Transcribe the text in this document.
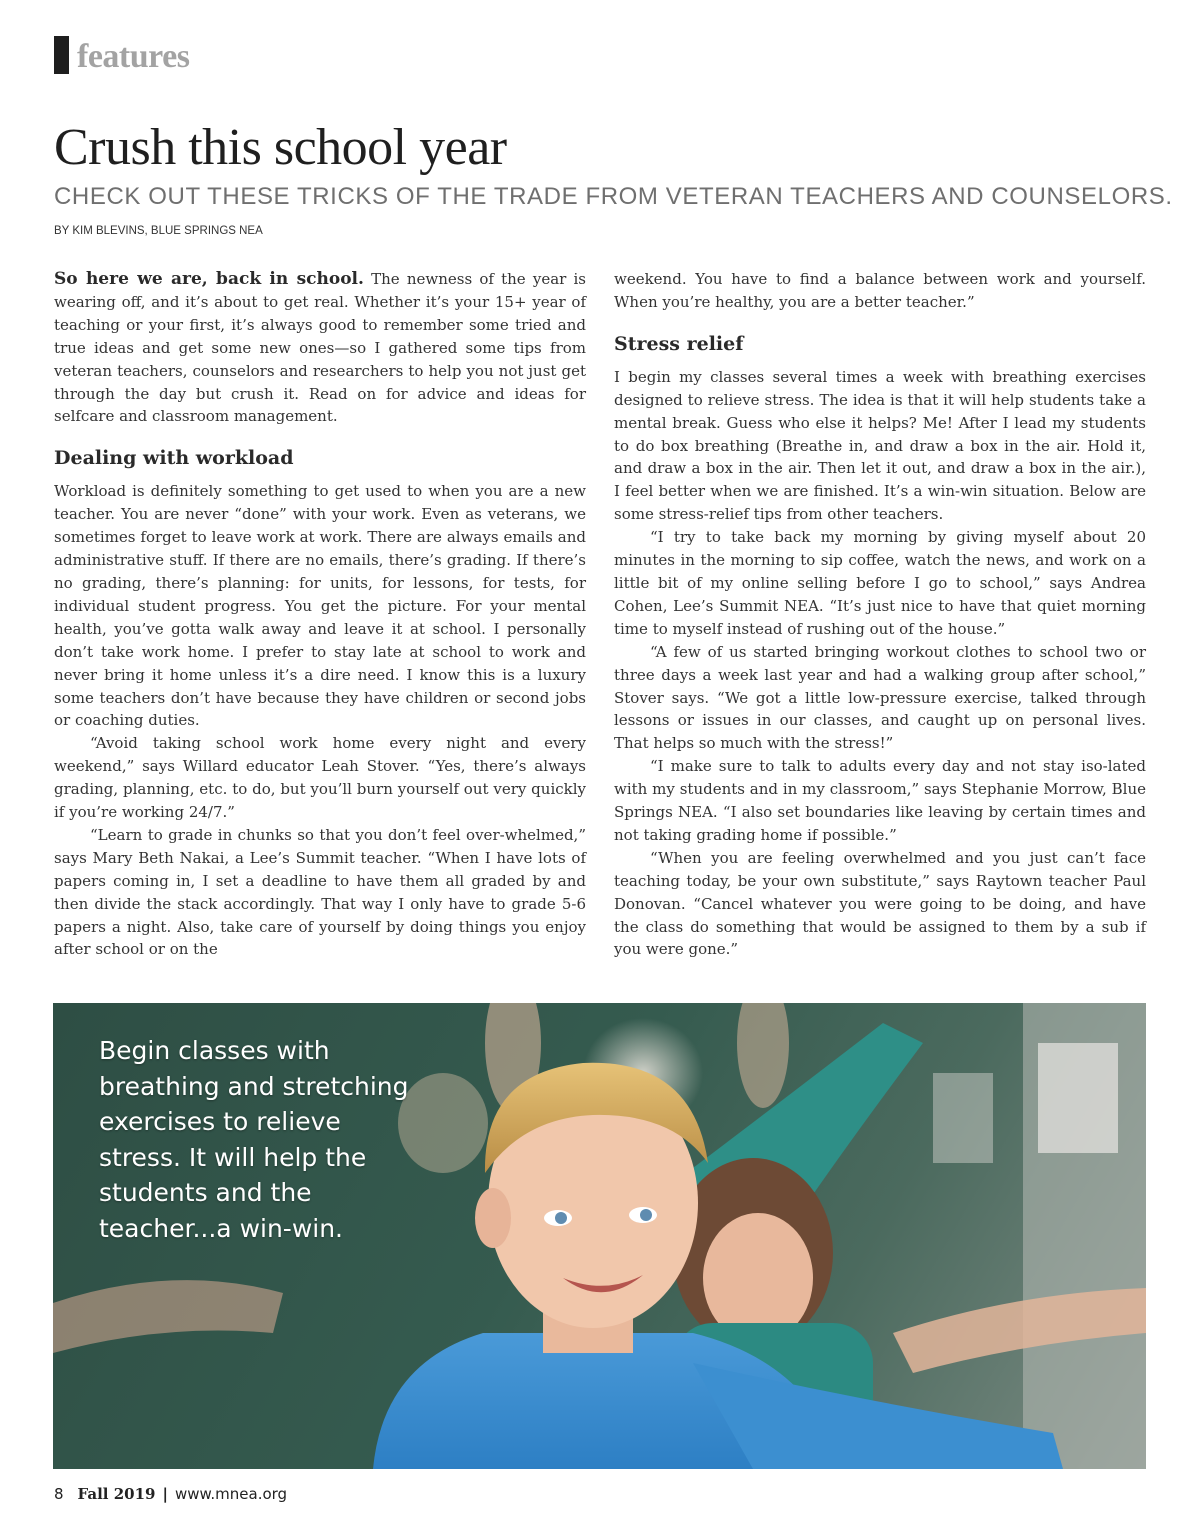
features
Crush this school year
CHECK OUT THESE TRICKS OF THE TRADE FROM VETERAN TEACHERS AND COUNSELORS.
BY KIM BLEVINS, BLUE SPRINGS NEA

So here we are, back in school. The newness of the year is wearing off, and it’s about to get real. Whether it’s your 15+ year of teaching or your first, it’s always good to remember some tried and true ideas and get some new ones—so I gathered some tips from veteran teachers, counselors and researchers to help you not just get through the day but crush it. Read on for advice and ideas for selfcare and classroom management.

Dealing with workload

Workload is definitely something to get used to when you are a new teacher. You are never “done” with your work. Even as veterans, we sometimes forget to leave work at work. There are always emails and administrative stuff. If there are no emails, there’s grading. If there’s no grading, there’s planning: for units, for lessons, for tests, for individual student progress. You get the picture. For your mental health, you’ve gotta walk away and leave it at school. I personally don’t take work home. I prefer to stay late at school to work and never bring it home unless it’s a dire need. I know this is a luxury some teachers don’t have because they have children or second jobs or coaching duties.

“Avoid taking school work home every night and every weekend,” says Willard educator Leah Stover. “Yes, there’s always grading, planning, etc. to do, but you’ll burn yourself out very quickly if you’re working 24/7.”

“Learn to grade in chunks so that you don’t feel over-whelmed,” says Mary Beth Nakai, a Lee’s Summit teacher. “When I have lots of papers coming in, I set a deadline to have them all graded by and then divide the stack accordingly. That way I only have to grade 5-6 papers a night. Also, take care of yourself by doing things you enjoy after school or on the

weekend. You have to find a balance between work and yourself. When you’re healthy, you are a better teacher.”

Stress relief

I begin my classes several times a week with breathing exercises designed to relieve stress. The idea is that it will help students take a mental break. Guess who else it helps? Me! After I lead my students to do box breathing (Breathe in, and draw a box in the air. Hold it, and draw a box in the air. Then let it out, and draw a box in the air.), I feel better when we are finished. It’s a win-win situation. Below are some stress-relief tips from other teachers.

“I try to take back my morning by giving myself about 20 minutes in the morning to sip coffee, watch the news, and work on a little bit of my online selling before I go to school,” says Andrea Cohen, Lee’s Summit NEA. “It’s just nice to have that quiet morning time to myself instead of rushing out of the house.”

“A few of us started bringing workout clothes to school two or three days a week last year and had a walking group after school,” Stover says. “We got a little low-pressure exercise, talked through lessons or issues in our classes, and caught up on personal lives. That helps so much with the stress!”

“I make sure to talk to adults every day and not stay iso-lated with my students and in my classroom,” says Stephanie Morrow, Blue Springs NEA. “I also set boundaries like leaving by certain times and not taking grading home if possible.”

“When you are feeling overwhelmed and you just can’t face teaching today, be your own substitute,” says Raytown teacher Paul Donovan. “Cancel whatever you were going to be doing, and have the class do something that would be assigned to them by a sub if you were gone.”

Begin classes with breathing and stretching exercises to relieve stress. It will help the students and the teacher...a win-win.
8 Fall 2019 | www.mnea.org
